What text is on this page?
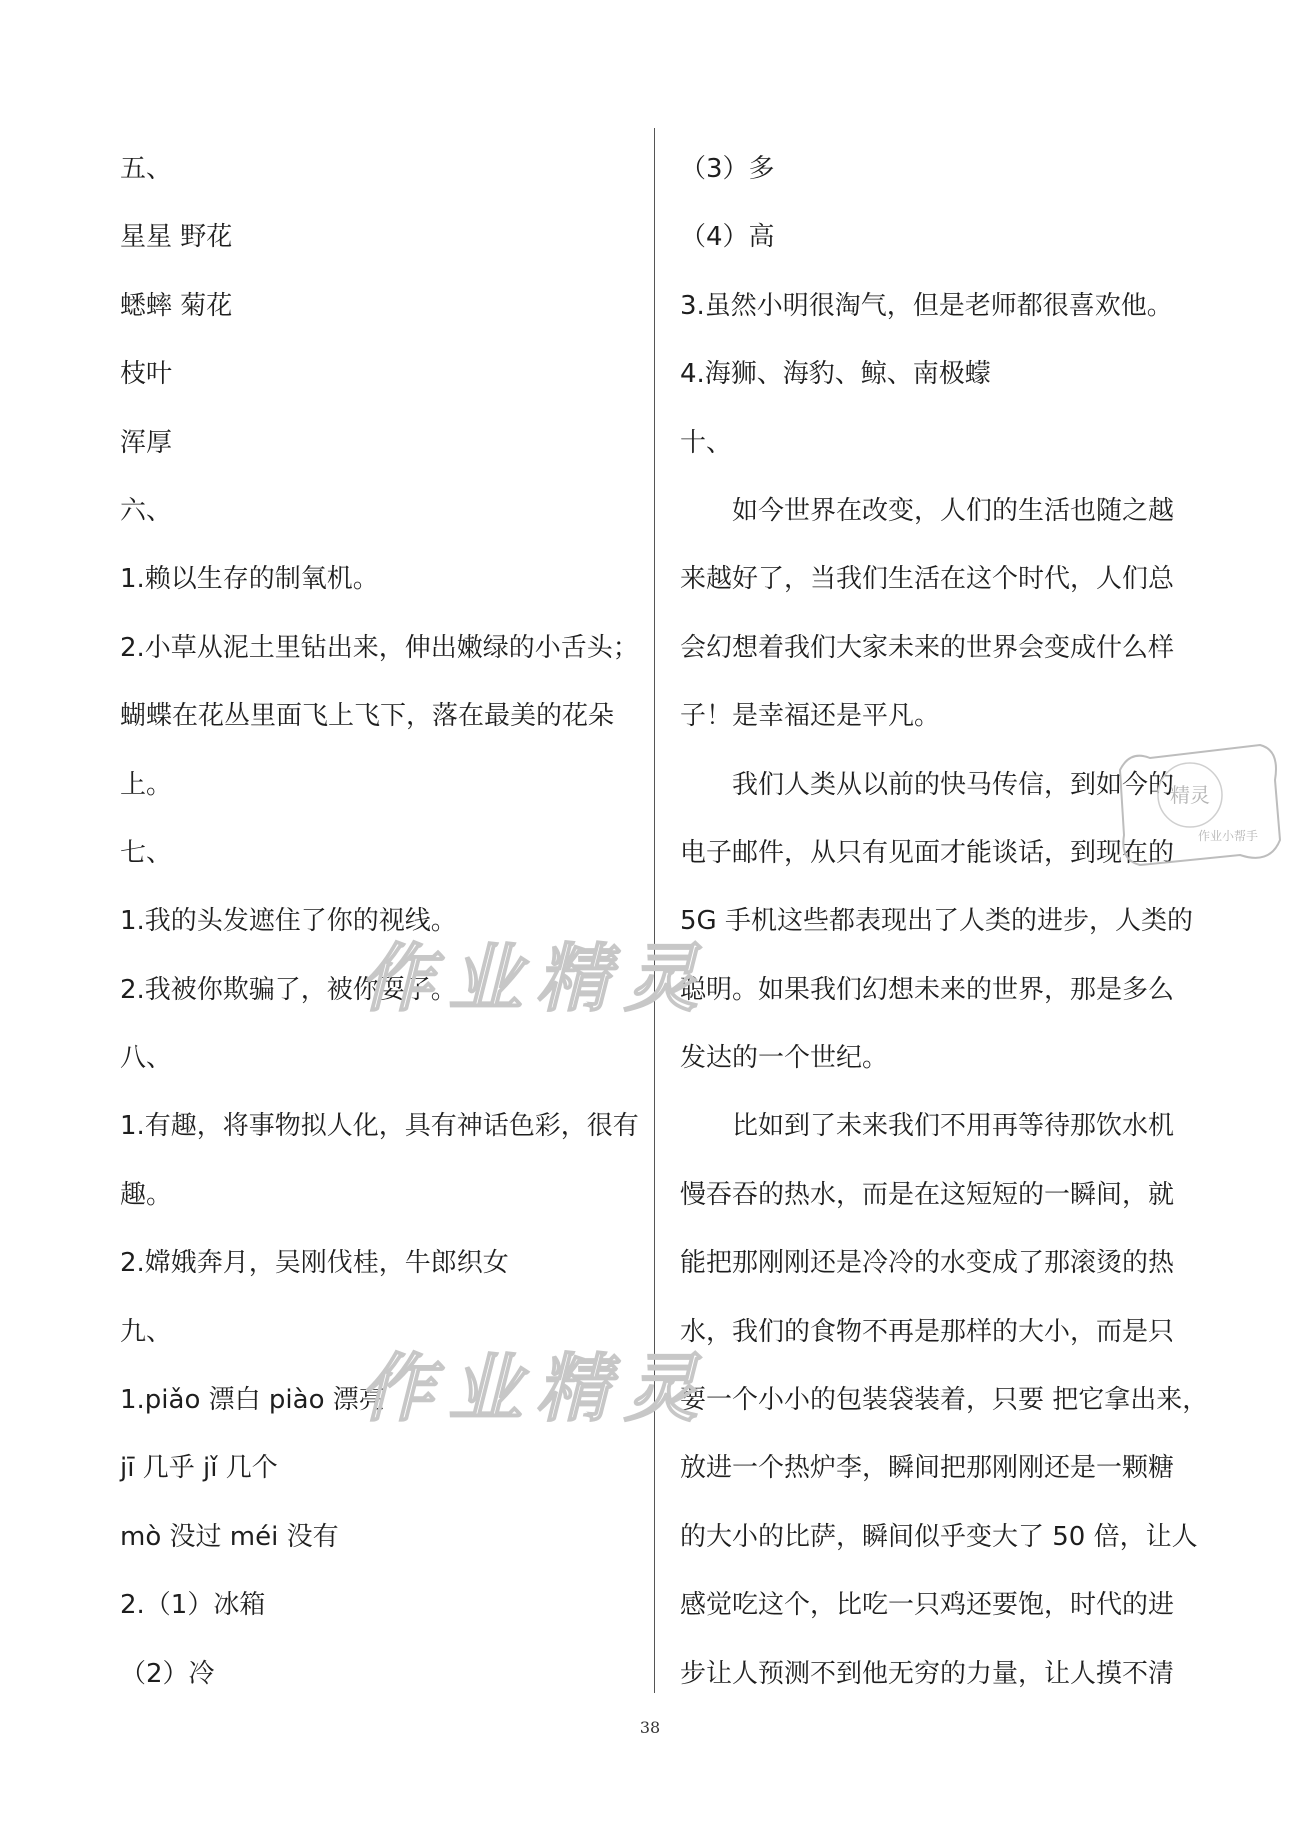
五、
星星 野花
蟋蟀 菊花
枝叶
浑厚
六、
1.赖以生存的制氧机。
2.小草从泥土里钻出来，伸出嫩绿的小舌头；
蝴蝶在花丛里面飞上飞下，落在最美的花朵
上。
七、
1.我的头发遮住了你的视线。
2.我被你欺骗了，被你耍了。
八、
1.有趣，将事物拟人化，具有神话色彩，很有
趣。
2.嫦娥奔月，吴刚伐桂，牛郎织女
九、
1.piǎo 漂白 piào 漂亮
jī 几乎 jǐ 几个
mò 没过 méi 没有
2.（1）冰箱
（2）冷
（3）多
（4）高
3.虽然小明很淘气，但是老师都很喜欢他。
4.海狮、海豹、鲸、南极蠓
十、
如今世界在改变，人们的生活也随之越
来越好了，当我们生活在这个时代，人们总
会幻想着我们大家未来的世界会变成什么样
子！是幸福还是平凡。
我们人类从以前的快马传信，到如今的
电子邮件，从只有见面才能谈话，到现在的
5G 手机这些都表现出了人类的进步，人类的
聪明。如果我们幻想未来的世界，那是多么
发达的一个世纪。
比如到了未来我们不用再等待那饮水机
慢吞吞的热水，而是在这短短的一瞬间，就
能把那刚刚还是冷冷的水变成了那滚烫的热
水，我们的食物不再是那样的大小，而是只
要一个小小的包装袋装着，只要 把它拿出来，
放进一个热炉李，瞬间把那刚刚还是一颗糖
的大小的比萨，瞬间似乎变大了 50 倍，让人
感觉吃这个，比吃一只鸡还要饱，时代的进
步让人预测不到他无穷的力量，让人摸不清
作业精灵
作业精灵
精灵
作业小帮手
38
